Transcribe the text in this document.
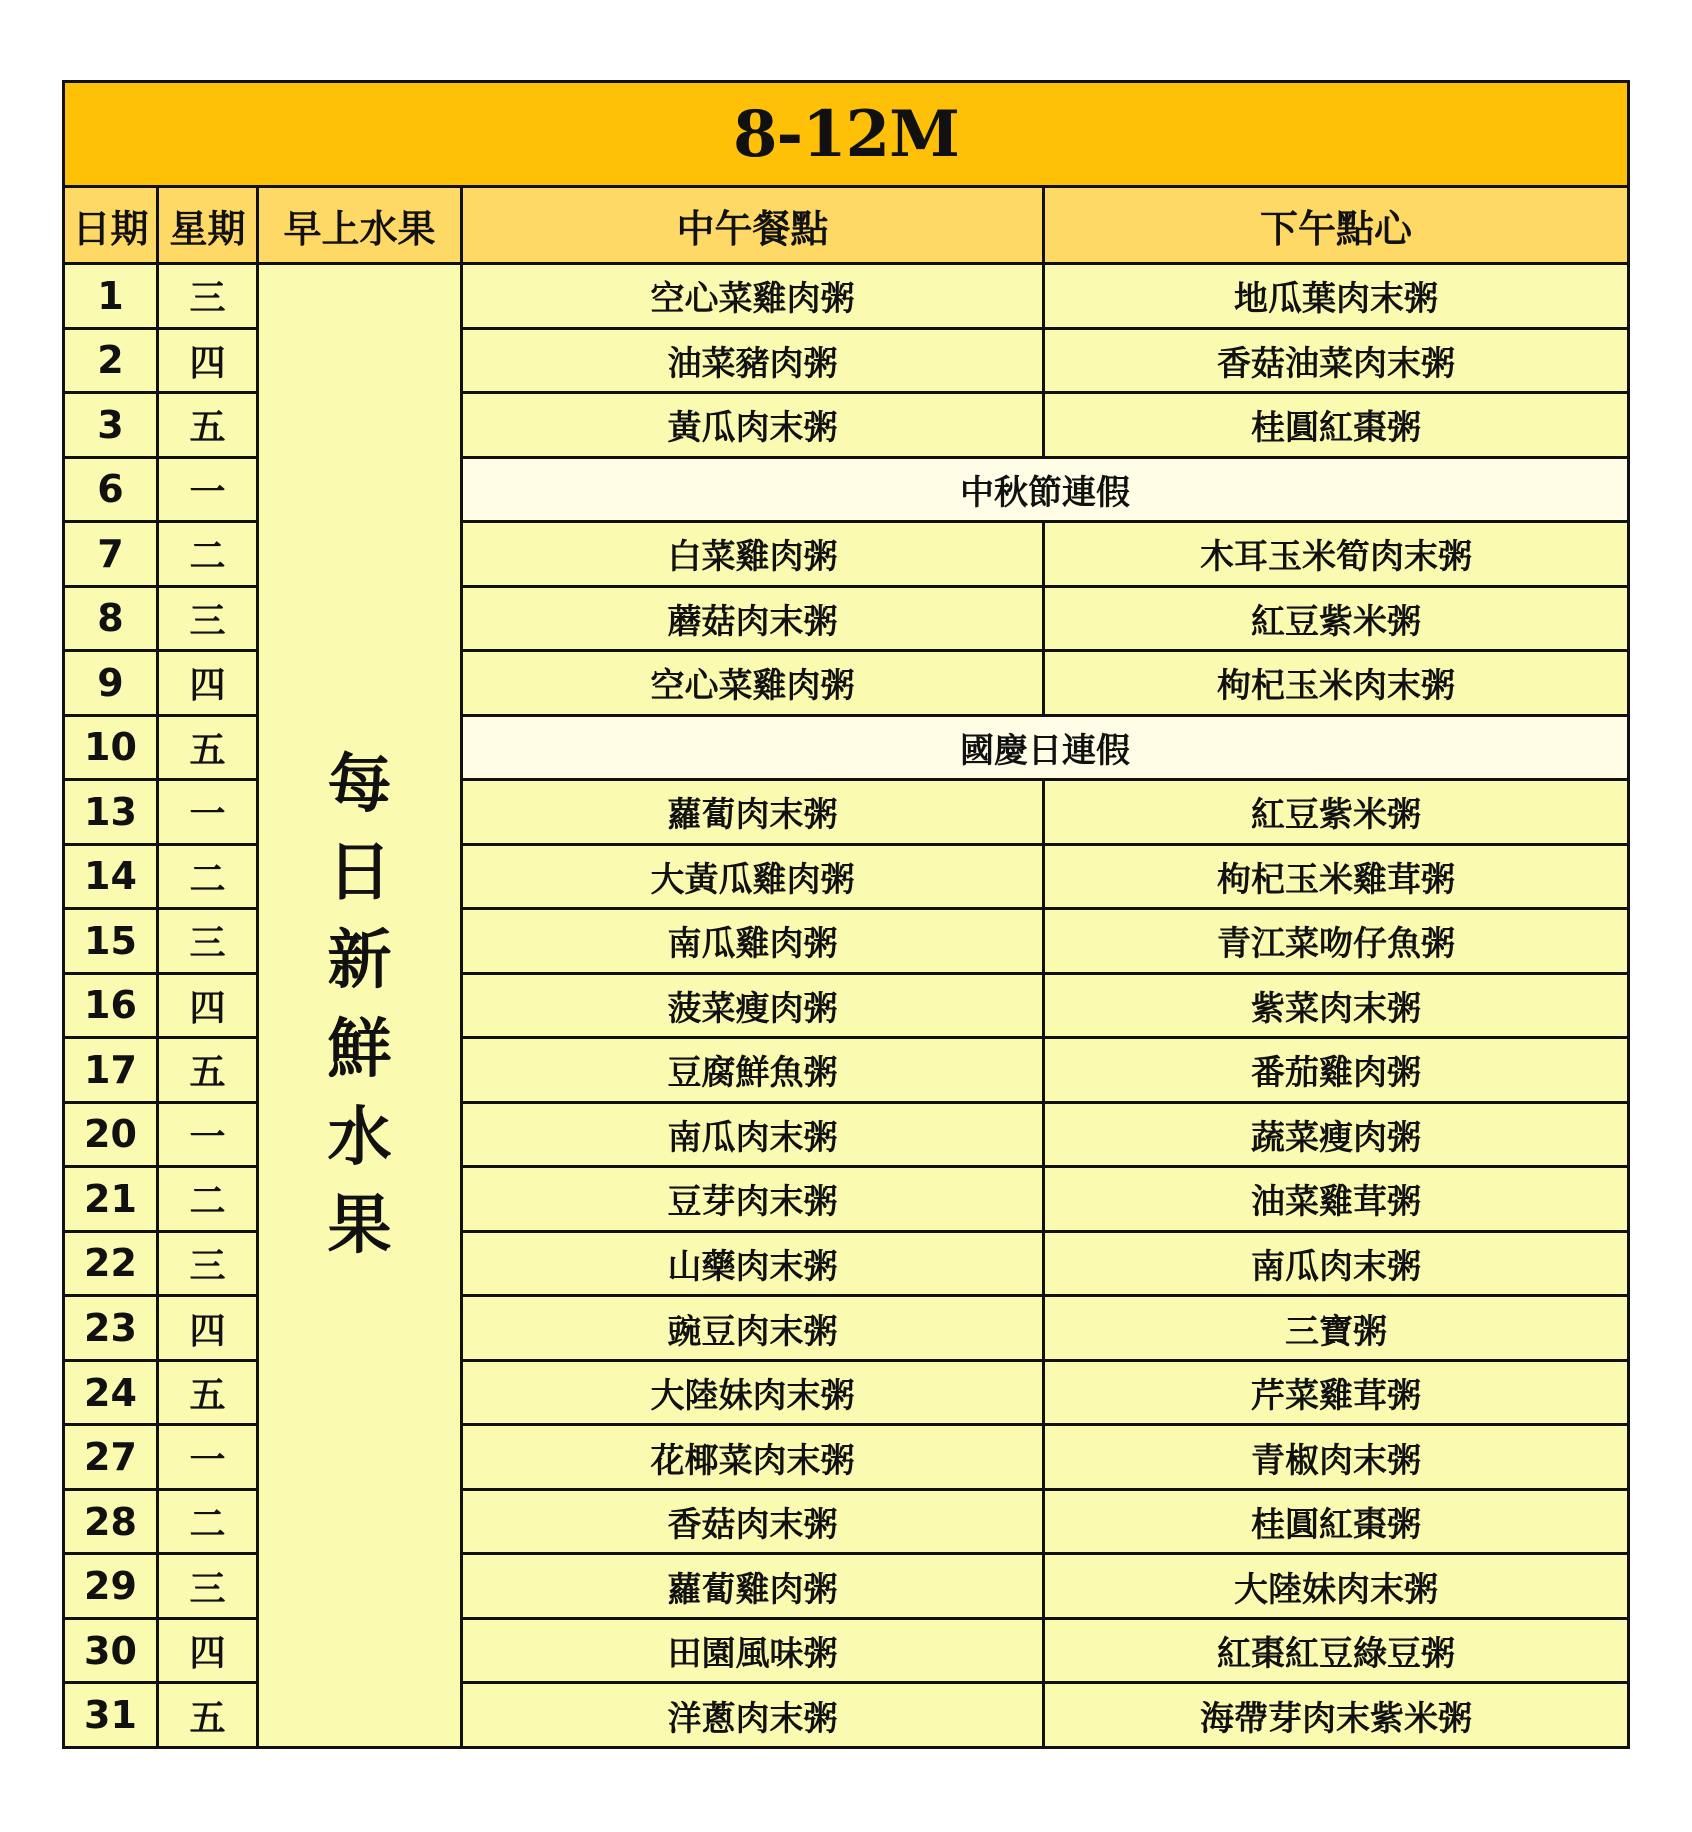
8-12M				
日期	星期	早上水果	中午餐點	下午點心
1	三	每日新鮮水果	空心菜雞肉粥	地瓜葉肉末粥
2	四		油菜豬肉粥	香菇油菜肉末粥
3	五		黃瓜肉末粥	桂圓紅棗粥
6	一		中秋節連假	
7	二		白菜雞肉粥	木耳玉米筍肉末粥
8	三		蘑菇肉末粥	紅豆紫米粥
9	四		空心菜雞肉粥	枸杞玉米肉末粥
10	五		國慶日連假	
13	一		蘿蔔肉末粥	紅豆紫米粥
14	二		大黃瓜雞肉粥	枸杞玉米雞茸粥
15	三		南瓜雞肉粥	青江菜吻仔魚粥
16	四		菠菜瘦肉粥	紫菜肉末粥
17	五		豆腐鮮魚粥	番茄雞肉粥
20	一		南瓜肉末粥	蔬菜瘦肉粥
21	二		豆芽肉末粥	油菜雞茸粥
22	三		山藥肉末粥	南瓜肉末粥
23	四		豌豆肉末粥	三寶粥
24	五		大陸妹肉末粥	芹菜雞茸粥
27	一		花椰菜肉末粥	青椒肉末粥
28	二		香菇肉末粥	桂圓紅棗粥
29	三		蘿蔔雞肉粥	大陸妹肉末粥
30	四		田園風味粥	紅棗紅豆綠豆粥
31	五		洋蔥肉末粥	海帶芽肉末紫米粥
